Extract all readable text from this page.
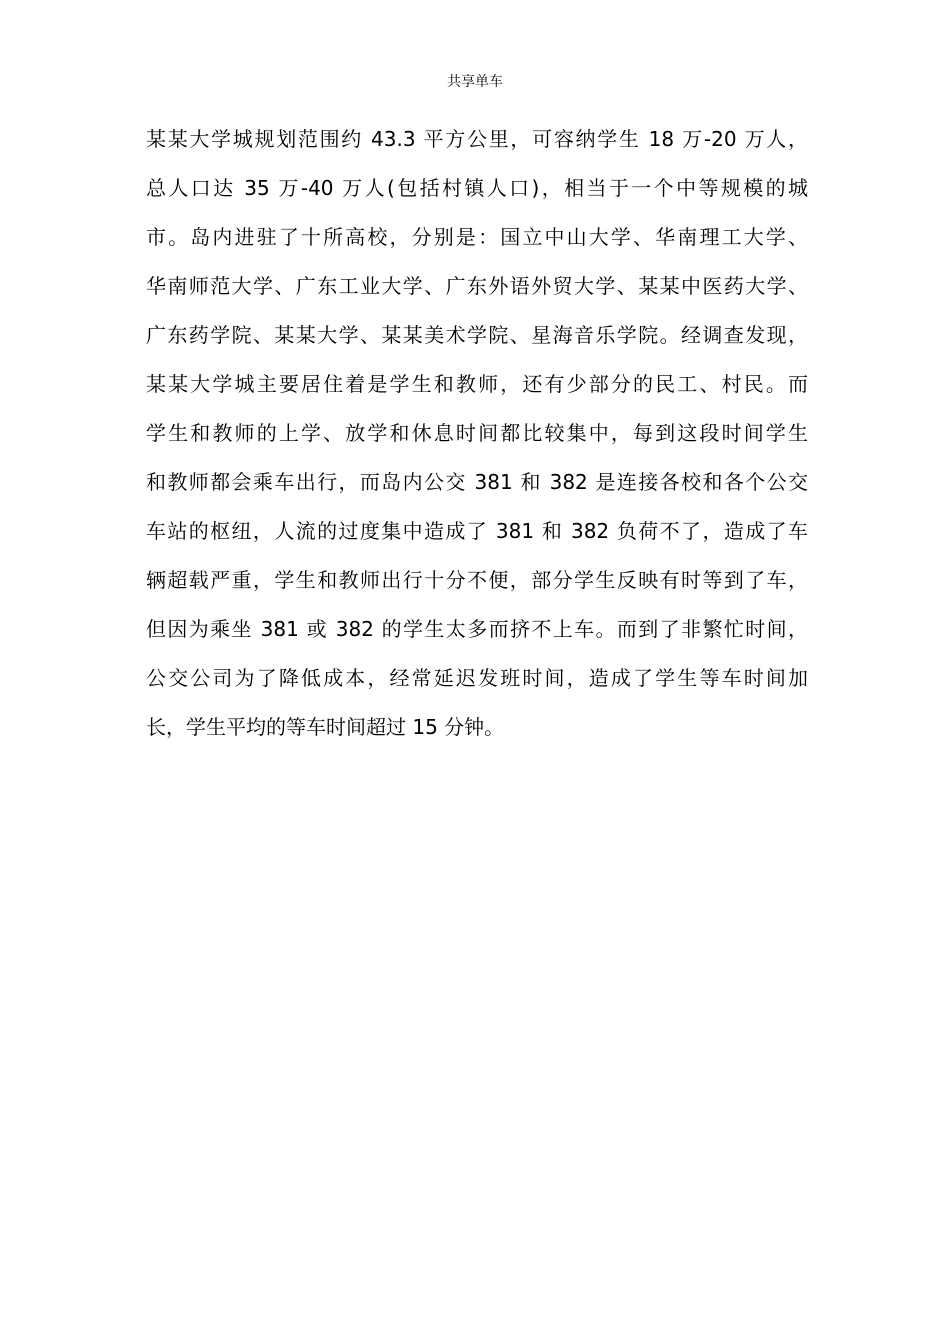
共享单车
某某大学城规划范围约 43.3 平方公里，可容纳学生 18 万-20 万人，
总人口达 35 万-40 万人(包括村镇人口)，相当于一个中等规模的城
市。岛内进驻了十所高校，分别是：国立中山大学、华南理工大学、
华南师范大学、广东工业大学、广东外语外贸大学、某某中医药大学、
广东药学院、某某大学、某某美术学院、星海音乐学院。经调查发现，
某某大学城主要居住着是学生和教师，还有少部分的民工、村民。而
学生和教师的上学、放学和休息时间都比较集中，每到这段时间学生
和教师都会乘车出行，而岛内公交 381 和 382 是连接各校和各个公交
车站的枢纽，人流的过度集中造成了 381 和 382 负荷不了，造成了车
辆超载严重，学生和教师出行十分不便，部分学生反映有时等到了车，
但因为乘坐 381 或 382 的学生太多而挤不上车。而到了非繁忙时间，
公交公司为了降低成本，经常延迟发班时间，造成了学生等车时间加
长，学生平均的等车时间超过 15 分钟。
